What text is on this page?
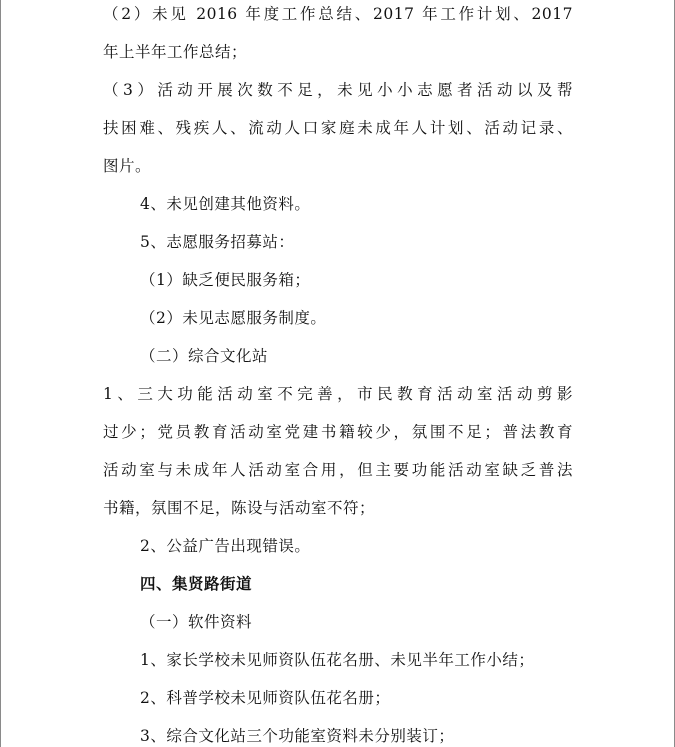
（2）未见 2016 年度工作总结、2017 年工作计划、2017
年上半年工作总结；
（3）活动开展次数不足，未见小小志愿者活动以及帮
扶困难、残疾人、流动人口家庭未成年人计划、活动记录、
图片。
4、未见创建其他资料。
5、志愿服务招募站：
（1）缺乏便民服务箱；
（2）未见志愿服务制度。
（二）综合文化站
1、三大功能活动室不完善，市民教育活动室活动剪影
过少；党员教育活动室党建书籍较少，氛围不足；普法教育
活动室与未成年人活动室合用，但主要功能活动室缺乏普法
书籍，氛围不足，陈设与活动室不符；
2、公益广告出现错误。
四、集贤路街道
（一）软件资料
1、家长学校未见师资队伍花名册、未见半年工作小结；
2、科普学校未见师资队伍花名册；
3、综合文化站三个功能室资料未分别装订；
